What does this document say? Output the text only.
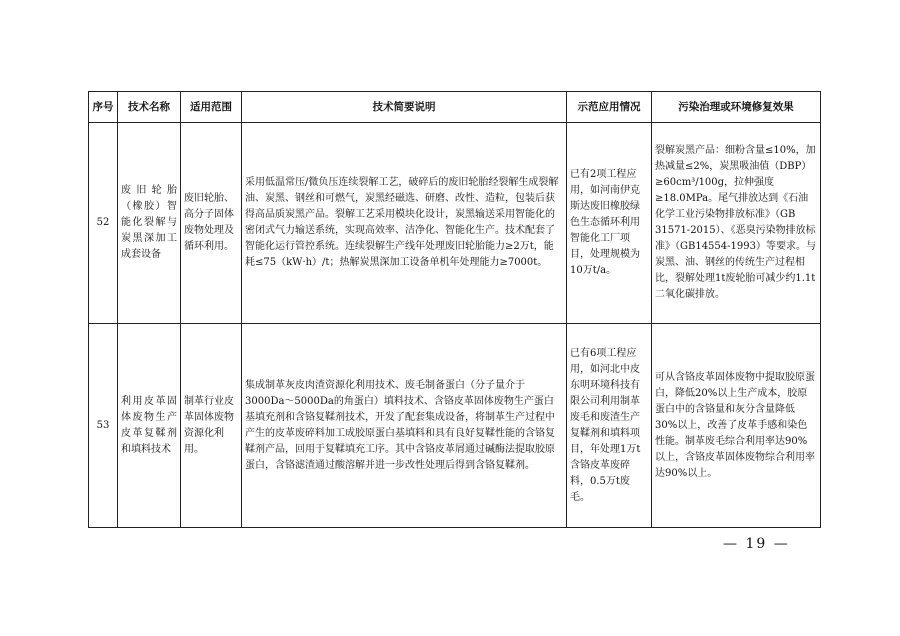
序号	技术名称	适用范围	技术简要说明	示范应用情况	污染治理或环境修复效果
52	废旧轮胎（橡胶）智能化裂解与炭黑深加工成套设备	废旧轮胎、高分子固体废物处理及循环利用。	采用低温常压/微负压连续裂解工艺，破碎后的废旧轮胎经裂解生成裂解油、炭黑、钢丝和可燃气，炭黑经磁选、研磨、改性、造粒，包装后获得高品质炭黑产品。裂解工艺采用模块化设计，炭黑输送采用智能化的密闭式气力输送系统，实现高效率、洁净化、智能化生产。技术配套了智能化运行管控系统。连续裂解生产线年处理废旧轮胎能力≥2万t，能耗≤75（kW·h）/t；热解炭黑深加工设备单机年处理能力≥7000t。	已有2项工程应用，如河南伊克斯达废旧橡胶绿色生态循环利用智能化工厂项目，处理规模为10万t/a。	裂解炭黑产品：细粉含量≤10%，加热减量≤2%，炭黑吸油值（DBP）≥60cm³/100g，拉伸强度≥18.0MPa。尾气排放达到《石油化学工业污染物排放标准》（GB 31571-2015）、《恶臭污染物排放标准》（GB14554-1993）等要求。与炭黑、油、钢丝的传统生产过程相比，裂解处理1t废轮胎可减少约1.1t二氧化碳排放。
53	利用皮革固体废物生产皮革复鞣剂和填料技术	制革行业皮革固体废物资源化利用。	集成制革灰皮肉渣资源化利用技术、废毛制备蛋白（分子量介于3000Da～5000Da的角蛋白）填料技术、含铬皮革固体废物生产蛋白基填充剂和含铬复鞣剂技术，开发了配套集成设备，将制革生产过程中产生的皮革废碎料加工成胶原蛋白基填料和具有良好复鞣性能的含铬复鞣剂产品，回用于复鞣填充工序。其中含铬皮革屑通过碱酶法提取胶原蛋白，含铬滤渣通过酸溶解并进一步改性处理后得到含铬复鞣剂。	已有6项工程应用，如河北中皮东明环境科技有限公司利用制革废毛和废渣生产复鞣剂和填料项目，年处理1万t含铬皮革废碎料，0.5万t废毛。	可从含铬皮革固体废物中提取胶原蛋白，降低20%以上生产成本，胶原蛋白中的含铬量和灰分含量降低30%以上，改善了皮革手感和染色性能。制革废毛综合利用率达90%以上，含铬皮革固体废物综合利用率达90%以上。
— 19 —
